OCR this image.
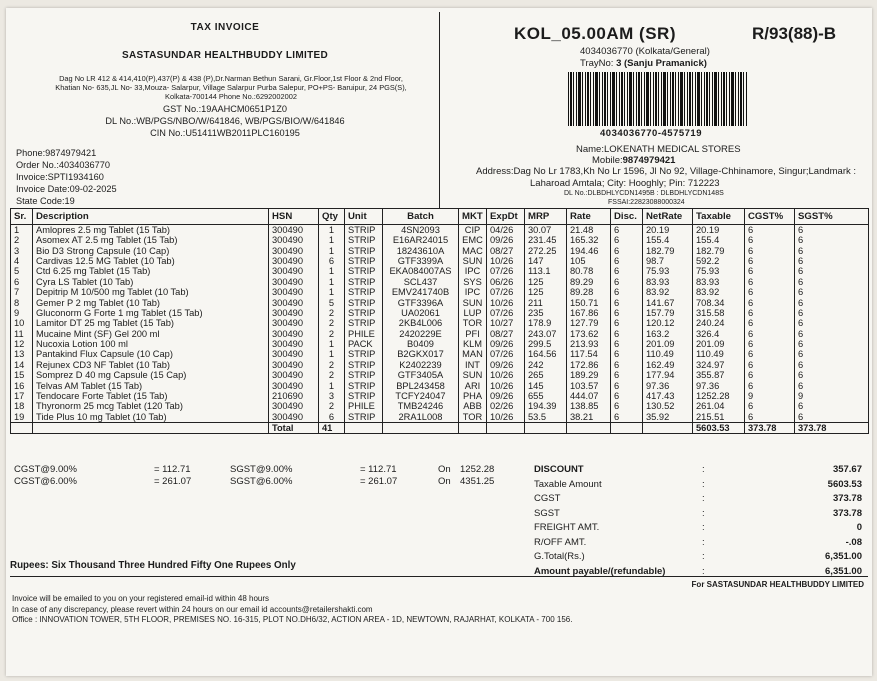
TAX INVOICE
SASTASUNDAR HEALTHBUDDY LIMITED
Dag No LR 412 & 414,410(P),437(P) & 438 (P),Dr.Narman Bethun Sarani, Gr.Floor,1st Floor & 2nd Floor,
Khatian No- 635,JL No- 33,Mouza- Salarpur, Village Salarpur Purba Salepur, PO+PS- Baruipur, 24 PGS(S),
Kolkata-700144 Phone No.:6292002002
GST No.:19AAHCM0651P1Z0
DL No.:WB/PGS/NBO/W/641846, WB/PGS/BIO/W/641846
CIN No.:U51411WB2011PLC160195
Phone:9874979421
Order No.:4034036770
Invoice:SPTI1934160
Invoice Date:09-02-2025
State Code:19
KOL_05.00AM (SR)	R/93(88)-B
4034036770 (Kolkata/General)
TrayNo: 3 (Sanju Pramanick)
4034036770-4575719
Name:LOKENATH MEDICAL STORES
Mobile:9874979421
Address:Dag No Lr 1783,Kh No Lr 1596, Jl No 92, Village-Chhinamore, Singur;Landmark :
Laharoad Amtala; City: Hooghly; Pin: 712223
DL No.:DLBDHLYCDN1495B : DLBDHLYCDN148S
FSSAI:22823088000324
Sr.	Description	HSN	Qty	Unit	Batch	MKT	ExpDt	MRP	Rate	Disc.	NetRate	Taxable	CGST%	SGST%
1	Amlopres 2.5 mg Tablet (15 Tab)	300490	1	STRIP	4SN2093	CIP	04/26	30.07	21.48	6	20.19	20.19	6	6
2	Asomex AT 2.5 mg Tablet (15 Tab)	300490	1	STRIP	E16AR24015	EMC	09/26	231.45	165.32	6	155.4	155.4	6	6
3	Bio D3 Strong Capsule (10 Cap)	300490	1	STRIP	18243610A	MAC	08/27	272.25	194.46	6	182.79	182.79	6	6
4	Cardivas 12.5 MG Tablet (10 Tab)	300490	6	STRIP	GTF3399A	SUN	10/26	147	105	6	98.7	592.2	6	6
5	Ctd 6.25 mg Tablet (15 Tab)	300490	1	STRIP	EKA084007AS	IPC	07/26	113.1	80.78	6	75.93	75.93	6	6
6	Cyra LS Tablet (10 Tab)	300490	1	STRIP	SCL437	SYS	06/26	125	89.29	6	83.93	83.93	6	6
7	Depitrip M 10/500 mg Tablet (10 Tab)	300490	1	STRIP	EMV241740B	IPC	07/26	125	89.28	6	83.92	83.92	6	6
8	Gemer P 2 mg Tablet (10 Tab)	300490	5	STRIP	GTF3396A	SUN	10/26	211	150.71	6	141.67	708.34	6	6
9	Gluconorm G Forte 1 mg Tablet (15 Tab)	300490	2	STRIP	UA02061	LUP	07/26	235	167.86	6	157.79	315.58	6	6
10	Lamitor DT 25 mg Tablet (15 Tab)	300490	2	STRIP	2KB4L006	TOR	10/27	178.9	127.79	6	120.12	240.24	6	6
11	Mucaine Mint (SF) Gel 200 ml	300490	2	PHILE	2420229E	PFI	08/27	243.07	173.62	6	163.2	326.4	6	6
12	Nucoxia Lotion 100 ml	300490	1	PACK	B0409	KLM	09/26	299.5	213.93	6	201.09	201.09	6	6
13	Pantakind Flux Capsule (10 Cap)	300490	1	STRIP	B2GKX017	MAN	07/26	164.56	117.54	6	110.49	110.49	6	6
14	Rejunex CD3 NF Tablet (10 Tab)	300490	2	STRIP	K2402239	INT	09/26	242	172.86	6	162.49	324.97	6	6
15	Somprez D 40 mg Capsule (15 Cap)	300490	2	STRIP	GTF3405A	SUN	10/26	265	189.29	6	177.94	355.87	6	6
16	Telvas AM Tablet (15 Tab)	300490	1	STRIP	BPL243458	ARI	10/26	145	103.57	6	97.36	97.36	6	6
17	Tendocare Forte Tablet (15 Tab)	210690	3	STRIP	TCFY24047	PHA	09/26	655	444.07	6	417.43	1252.28	9	9
18	Thyronorm 25 mcg Tablet (120 Tab)	300490	2	PHILE	TMB24246	ABB	02/26	194.39	138.85	6	130.52	261.04	6	6
19	Tide Plus 10 mg Tablet (10 Tab)	300490	6	STRIP	2RA1L008	TOR	10/26	53.5	38.21	6	35.92	215.51	6	6
		Total	41									5603.53	373.78	373.78
CGST@9.00%	= 112.71	SGST@9.00%	= 112.71	On 1252.28
CGST@6.00%	= 261.07	SGST@6.00%	= 261.07	On 4351.25
DISCOUNT	:	357.67
Taxable Amount	:	5603.53
CGST	:	373.78
SGST	:	373.78
FREIGHT AMT.	:	0
R/OFF AMT.	:	-.08
G.Total(Rs.)	:	6,351.00
Amount payable/(refundable)	:	6,351.00
Rupees: Six Thousand Three Hundred Fifty One Rupees Only
For SASTASUNDAR HEALTHBUDDY LIMITED
Invoice will be emailed to you on your registered email-id within 48 hours
In case of any discrepancy, please revert within 24 hours on our email id accounts@retailershakti.com
Office : INNOVATION TOWER, 5TH FLOOR, PREMISES NO. 16-315, PLOT NO.DH6/32, ACTION AREA - 1D, NEWTOWN, RAJARHAT, KOLKATA - 700 156.
